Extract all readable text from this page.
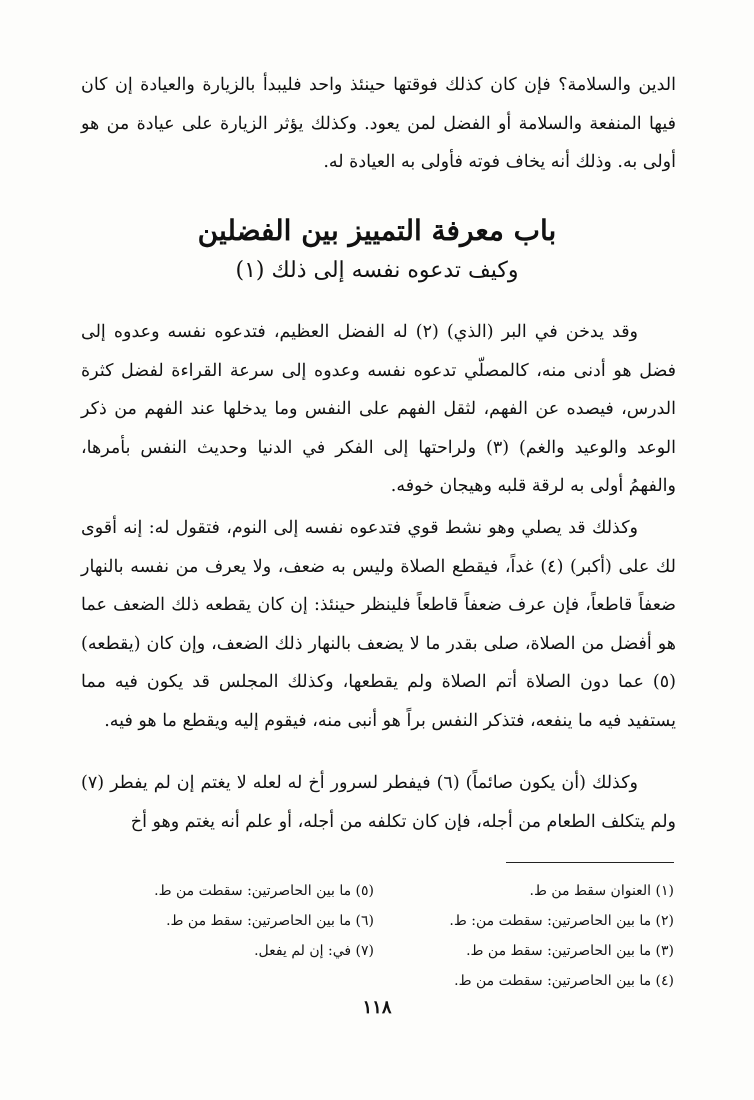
الدين والسلامة؟ فإن كان كذلك فوقتها حينئذ واحد فليبدأ بالزيارة والعيادة إن كان فيها المنفعة والسلامة أو الفضل لمن يعود. وكذلك يؤثر الزيارة على عيادة من هو أولى به. وذلك أنه يخاف فوته فأولى به العيادة له.

باب معرفة التمييز بين الفضلين
وكيف تدعوه نفسه إلى ذلك (١)

وقد يدخن في البر (الذي) (٢) له الفضل العظيم، فتدعوه نفسه وعدوه إلى فضل هو أدنى منه، كالمصلّي تدعوه نفسه وعدوه إلى سرعة القراءة لفضل كثرة الدرس، فيصده عن الفهم، لثقل الفهم على النفس وما يدخلها عند الفهم من ذكر الوعد والوعيد والغم) (٣) ولراحتها إلى الفكر في الدنيا وحديث النفس بأمرها، والفهمُ أولى به لرقة قلبه وهيجان خوفه.

وكذلك قد يصلي وهو نشط قوي فتدعوه نفسه إلى النوم، فتقول له: إنه أقوى لك على (أكبر) (٤) غداً، فيقطع الصلاة وليس به ضعف، ولا يعرف من نفسه بالنهار ضعفاً قاطعاً، فإن عرف ضعفاً قاطعاً فلينظر حينئذ: إن كان يقطعه ذلك الضعف عما هو أفضل من الصلاة، صلى بقدر ما لا يضعف بالنهار ذلك الضعف، وإن كان (يقطعه) (٥) عما دون الصلاة أتم الصلاة ولم يقطعها، وكذلك المجلس قد يكون فيه مما يستفيد فيه ما ينفعه، فتذكر النفس براً هو أنبى منه، فيقوم إليه ويقطع ما هو فيه.

وكذلك (أن يكون صائماً) (٦) فيفطر لسرور أخ له لعله لا يغتم إن لم يفطر (٧) ولم يتكلف الطعام من أجله، فإن كان تكلفه من أجله، أو علم أنه يغتم وهو أخ

(١) العنوان سقط من ط.

(٢) ما بين الحاصرتين: سقطت من: ط.

(٣) ما بين الحاصرتين: سقط من ط.

(٤) ما بين الحاصرتين: سقطت من ط.

(٥) ما بين الحاصرتين: سقطت من ط.

(٦) ما بين الحاصرتين: سقط من ط.

(٧) في: إن لم يفعل.

١١٨
